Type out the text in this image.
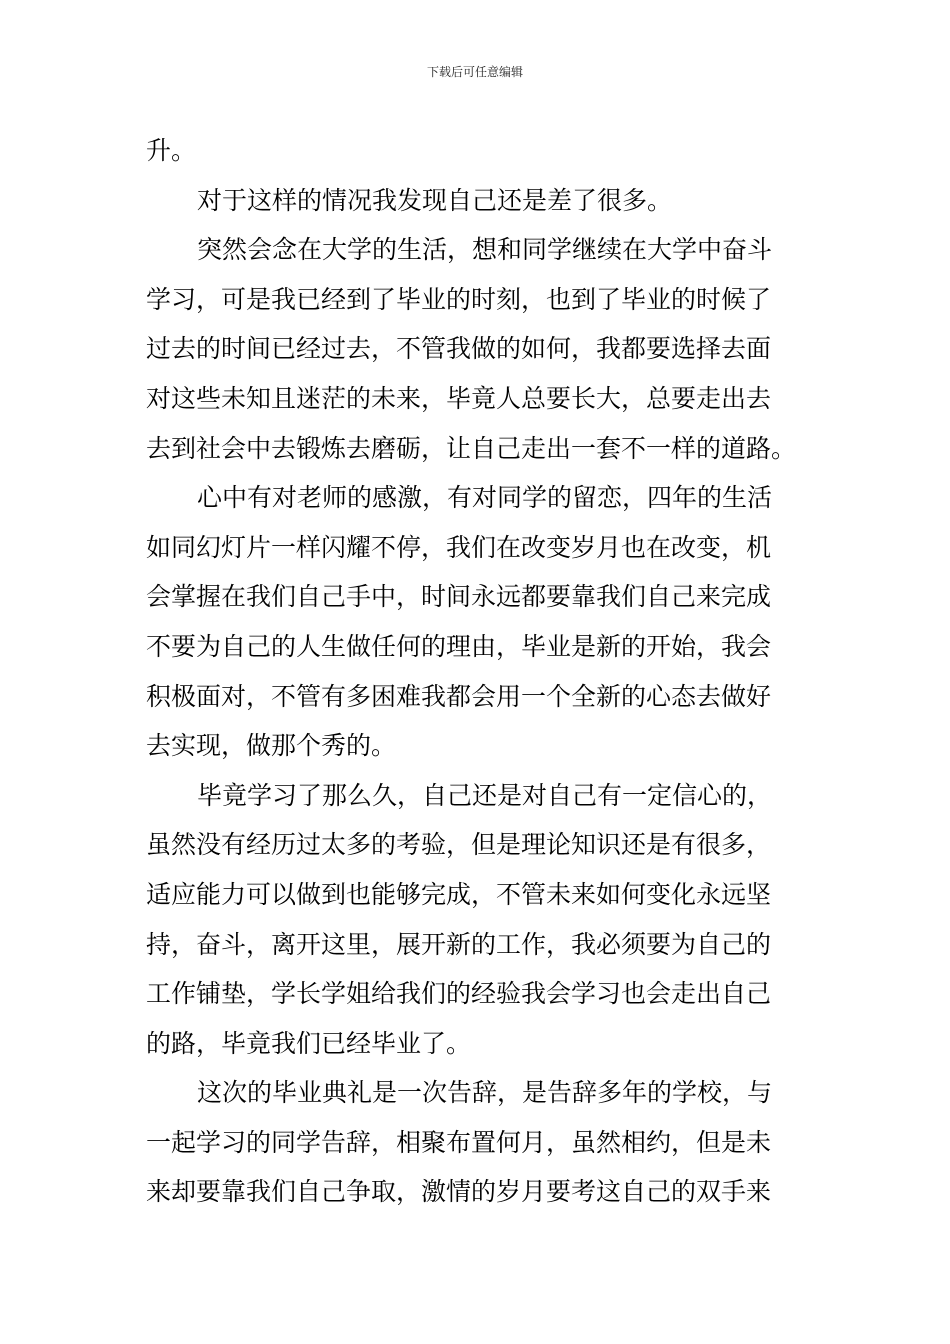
下载后可任意编辑
升。
对于这样的情况我发现自己还是差了很多。
突然会念在大学的生活，想和同学继续在大学中奋斗
学习，可是我已经到了毕业的时刻，也到了毕业的时候了
过去的时间已经过去，不管我做的如何，我都要选择去面
对这些未知且迷茫的未来，毕竟人总要长大，总要走出去
去到社会中去锻炼去磨砺，让自己走出一套不一样的道路。
心中有对老师的感激，有对同学的留恋，四年的生活
如同幻灯片一样闪耀不停，我们在改变岁月也在改变，机
会掌握在我们自己手中，时间永远都要靠我们自己来完成
不要为自己的人生做任何的理由，毕业是新的开始，我会
积极面对，不管有多困难我都会用一个全新的心态去做好
去实现，做那个秀的。
毕竟学习了那么久，自己还是对自己有一定信心的，
虽然没有经历过太多的考验，但是理论知识还是有很多，
适应能力可以做到也能够完成，不管未来如何变化永远坚
持，奋斗，离开这里，展开新的工作，我必须要为自己的
工作铺垫，学长学姐给我们的经验我会学习也会走出自己
的路，毕竟我们已经毕业了。
这次的毕业典礼是一次告辞，是告辞多年的学校，与
一起学习的同学告辞，相聚布置何月，虽然相约，但是未
来却要靠我们自己争取，激情的岁月要考这自己的双手来
